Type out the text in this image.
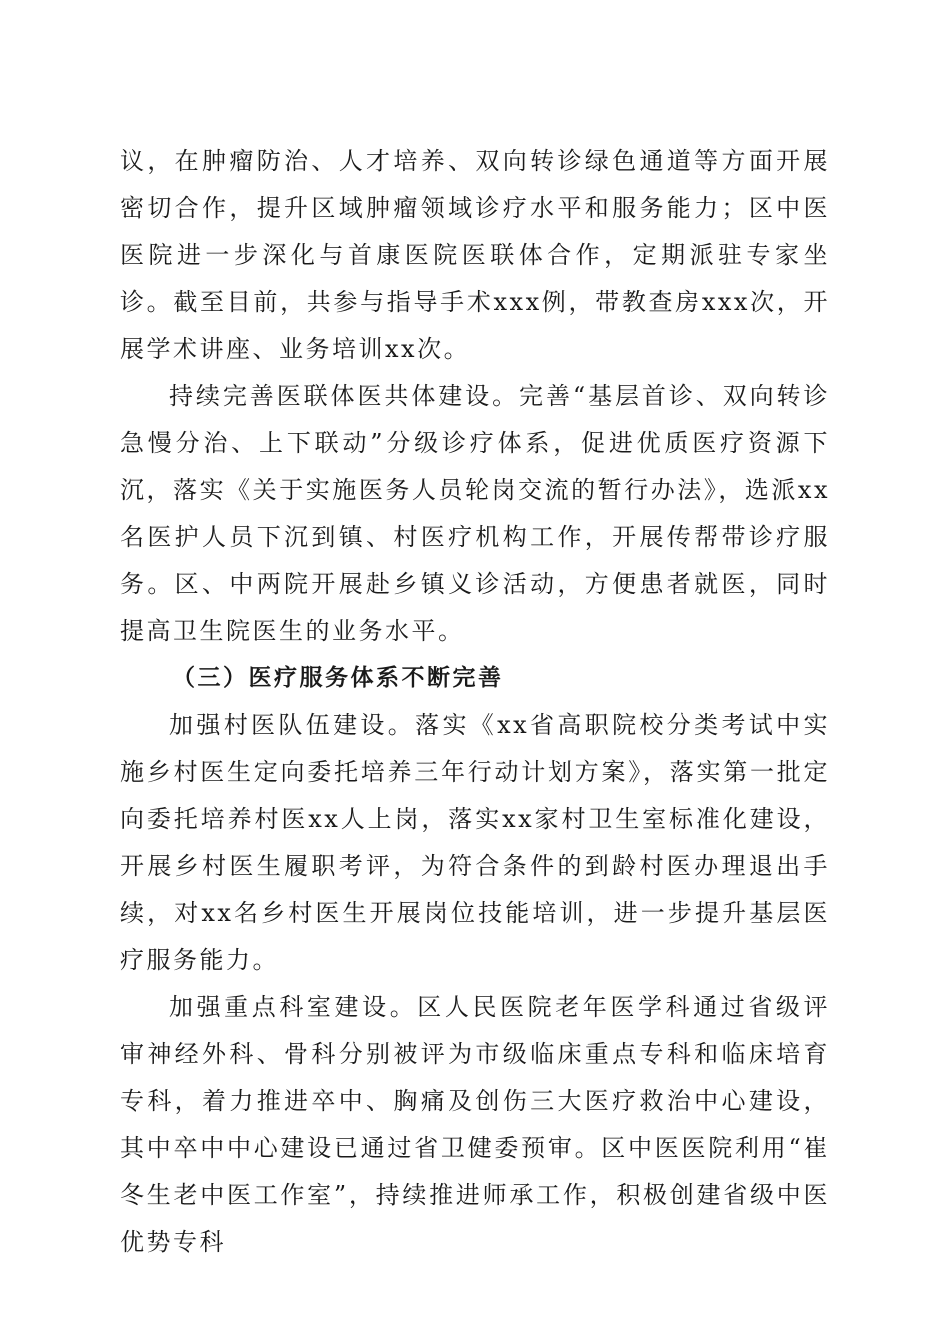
议，在肿瘤防治、人才培养、双向转诊绿色通道等方面开展密切合作，提升区域肿瘤领域诊疗水平和服务能力；区中医医院进一步深化与首康医院医联体合作，定期派驻专家坐诊。截至目前，共参与指导手术xxx例，带教查房xxx次，开展学术讲座、业务培训xx次。

持续完善医联体医共体建设。完善“基层首诊、双向转诊急慢分治、上下联动”分级诊疗体系，促进优质医疗资源下沉，落实《关于实施医务人员轮岗交流的暂行办法》，选派xx名医护人员下沉到镇、村医疗机构工作，开展传帮带诊疗服务。区、中两院开展赴乡镇义诊活动，方便患者就医，同时提高卫生院医生的业务水平。

（三）医疗服务体系不断完善

加强村医队伍建设。落实《xx省高职院校分类考试中实施乡村医生定向委托培养三年行动计划方案》，落实第一批定向委托培养村医xx人上岗，落实xx家村卫生室标准化建设，开展乡村医生履职考评，为符合条件的到龄村医办理退出手续，对xx名乡村医生开展岗位技能培训，进一步提升基层医疗服务能力。

加强重点科室建设。区人民医院老年医学科通过省级评审神经外科、骨科分别被评为市级临床重点专科和临床培育专科，着力推进卒中、胸痛及创伤三大医疗救治中心建设，其中卒中中心建设已通过省卫健委预审。区中医医院利用“崔冬生老中医工作室”，持续推进师承工作，积极创建省级中医优势专科
